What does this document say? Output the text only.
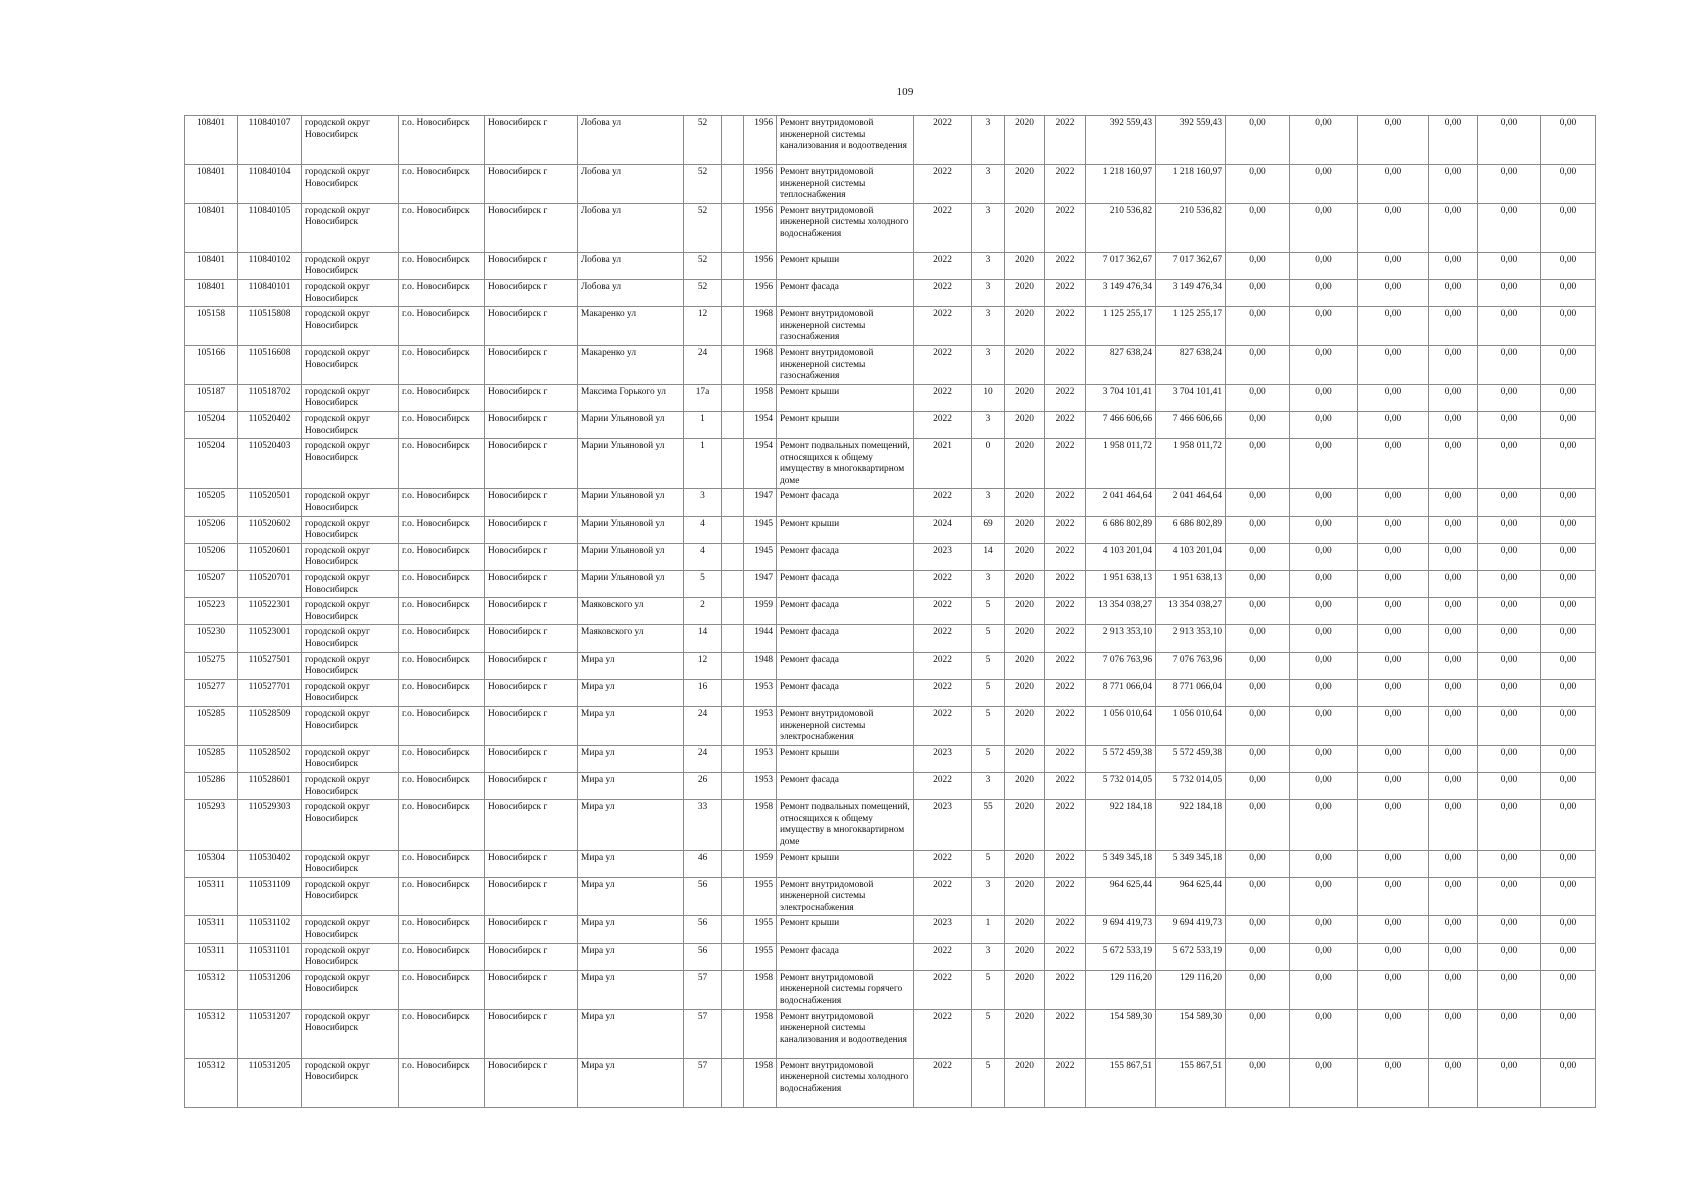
109
108401	110840107	городской округ Новосибирск	г.о. Новосибирск	Новосибирск г	Лобова ул	52		1956	Ремонт внутридомовой инженерной системы канализования и водоотведения	2022	3	2020	2022	392 559,43	392 559,43	0,00	0,00	0,00	0,00	0,00	0,00
108401	110840104	городской округ Новосибирск	г.о. Новосибирск	Новосибирск г	Лобова ул	52		1956	Ремонт внутридомовой инженерной системы теплоснабжения	2022	3	2020	2022	1 218 160,97	1 218 160,97	0,00	0,00	0,00	0,00	0,00	0,00
108401	110840105	городской округ Новосибирск	г.о. Новосибирск	Новосибирск г	Лобова ул	52		1956	Ремонт внутридомовой инженерной системы холодного водоснабжения	2022	3	2020	2022	210 536,82	210 536,82	0,00	0,00	0,00	0,00	0,00	0,00
108401	110840102	городской округ Новосибирск	г.о. Новосибирск	Новосибирск г	Лобова ул	52		1956	Ремонт крыши	2022	3	2020	2022	7 017 362,67	7 017 362,67	0,00	0,00	0,00	0,00	0,00	0,00
108401	110840101	городской округ Новосибирск	г.о. Новосибирск	Новосибирск г	Лобова ул	52		1956	Ремонт фасада	2022	3	2020	2022	3 149 476,34	3 149 476,34	0,00	0,00	0,00	0,00	0,00	0,00
105158	110515808	городской округ Новосибирск	г.о. Новосибирск	Новосибирск г	Макаренко ул	12		1968	Ремонт внутридомовой инженерной системы газоснабжения	2022	3	2020	2022	1 125 255,17	1 125 255,17	0,00	0,00	0,00	0,00	0,00	0,00
105166	110516608	городской округ Новосибирск	г.о. Новосибирск	Новосибирск г	Макаренко ул	24		1968	Ремонт внутридомовой инженерной системы газоснабжения	2022	3	2020	2022	827 638,24	827 638,24	0,00	0,00	0,00	0,00	0,00	0,00
105187	110518702	городской округ Новосибирск	г.о. Новосибирск	Новосибирск г	Максима Горького ул	17а		1958	Ремонт крыши	2022	10	2020	2022	3 704 101,41	3 704 101,41	0,00	0,00	0,00	0,00	0,00	0,00
105204	110520402	городской округ Новосибирск	г.о. Новосибирск	Новосибирск г	Марии Ульяновой ул	1		1954	Ремонт крыши	2022	3	2020	2022	7 466 606,66	7 466 606,66	0,00	0,00	0,00	0,00	0,00	0,00
105204	110520403	городской округ Новосибирск	г.о. Новосибирск	Новосибирск г	Марии Ульяновой ул	1		1954	Ремонт подвальных помещений, относящихся к общему имуществу в многоквартирном доме	2021	0	2020	2022	1 958 011,72	1 958 011,72	0,00	0,00	0,00	0,00	0,00	0,00
105205	110520501	городской округ Новосибирск	г.о. Новосибирск	Новосибирск г	Марии Ульяновой ул	3		1947	Ремонт фасада	2022	3	2020	2022	2 041 464,64	2 041 464,64	0,00	0,00	0,00	0,00	0,00	0,00
105206	110520602	городской округ Новосибирск	г.о. Новосибирск	Новосибирск г	Марии Ульяновой ул	4		1945	Ремонт крыши	2024	69	2020	2022	6 686 802,89	6 686 802,89	0,00	0,00	0,00	0,00	0,00	0,00
105206	110520601	городской округ Новосибирск	г.о. Новосибирск	Новосибирск г	Марии Ульяновой ул	4		1945	Ремонт фасада	2023	14	2020	2022	4 103 201,04	4 103 201,04	0,00	0,00	0,00	0,00	0,00	0,00
105207	110520701	городской округ Новосибирск	г.о. Новосибирск	Новосибирск г	Марии Ульяновой ул	5		1947	Ремонт фасада	2022	3	2020	2022	1 951 638,13	1 951 638,13	0,00	0,00	0,00	0,00	0,00	0,00
105223	110522301	городской округ Новосибирск	г.о. Новосибирск	Новосибирск г	Маяковского ул	2		1959	Ремонт фасада	2022	5	2020	2022	13 354 038,27	13 354 038,27	0,00	0,00	0,00	0,00	0,00	0,00
105230	110523001	городской округ Новосибирск	г.о. Новосибирск	Новосибирск г	Маяковского ул	14		1944	Ремонт фасада	2022	5	2020	2022	2 913 353,10	2 913 353,10	0,00	0,00	0,00	0,00	0,00	0,00
105275	110527501	городской округ Новосибирск	г.о. Новосибирск	Новосибирск г	Мира ул	12		1948	Ремонт фасада	2022	5	2020	2022	7 076 763,96	7 076 763,96	0,00	0,00	0,00	0,00	0,00	0,00
105277	110527701	городской округ Новосибирск	г.о. Новосибирск	Новосибирск г	Мира ул	16		1953	Ремонт фасада	2022	5	2020	2022	8 771 066,04	8 771 066,04	0,00	0,00	0,00	0,00	0,00	0,00
105285	110528509	городской округ Новосибирск	г.о. Новосибирск	Новосибирск г	Мира ул	24		1953	Ремонт внутридомовой инженерной системы электроснабжения	2022	5	2020	2022	1 056 010,64	1 056 010,64	0,00	0,00	0,00	0,00	0,00	0,00
105285	110528502	городской округ Новосибирск	г.о. Новосибирск	Новосибирск г	Мира ул	24		1953	Ремонт крыши	2023	5	2020	2022	5 572 459,38	5 572 459,38	0,00	0,00	0,00	0,00	0,00	0,00
105286	110528601	городской округ Новосибирск	г.о. Новосибирск	Новосибирск г	Мира ул	26		1953	Ремонт фасада	2022	3	2020	2022	5 732 014,05	5 732 014,05	0,00	0,00	0,00	0,00	0,00	0,00
105293	110529303	городской округ Новосибирск	г.о. Новосибирск	Новосибирск г	Мира ул	33		1958	Ремонт подвальных помещений, относящихся к общему имуществу в многоквартирном доме	2023	55	2020	2022	922 184,18	922 184,18	0,00	0,00	0,00	0,00	0,00	0,00
105304	110530402	городской округ Новосибирск	г.о. Новосибирск	Новосибирск г	Мира ул	46		1959	Ремонт крыши	2022	5	2020	2022	5 349 345,18	5 349 345,18	0,00	0,00	0,00	0,00	0,00	0,00
105311	110531109	городской округ Новосибирск	г.о. Новосибирск	Новосибирск г	Мира ул	56		1955	Ремонт внутридомовой инженерной системы электроснабжения	2022	3	2020	2022	964 625,44	964 625,44	0,00	0,00	0,00	0,00	0,00	0,00
105311	110531102	городской округ Новосибирск	г.о. Новосибирск	Новосибирск г	Мира ул	56		1955	Ремонт крыши	2023	1	2020	2022	9 694 419,73	9 694 419,73	0,00	0,00	0,00	0,00	0,00	0,00
105311	110531101	городской округ Новосибирск	г.о. Новосибирск	Новосибирск г	Мира ул	56		1955	Ремонт фасада	2022	3	2020	2022	5 672 533,19	5 672 533,19	0,00	0,00	0,00	0,00	0,00	0,00
105312	110531206	городской округ Новосибирск	г.о. Новосибирск	Новосибирск г	Мира ул	57		1958	Ремонт внутридомовой инженерной системы горячего водоснабжения	2022	5	2020	2022	129 116,20	129 116,20	0,00	0,00	0,00	0,00	0,00	0,00
105312	110531207	городской округ Новосибирск	г.о. Новосибирск	Новосибирск г	Мира ул	57		1958	Ремонт внутридомовой инженерной системы канализования и водоотведения	2022	5	2020	2022	154 589,30	154 589,30	0,00	0,00	0,00	0,00	0,00	0,00
105312	110531205	городской округ Новосибирск	г.о. Новосибирск	Новосибирск г	Мира ул	57		1958	Ремонт внутридомовой инженерной системы холодного водоснабжения	2022	5	2020	2022	155 867,51	155 867,51	0,00	0,00	0,00	0,00	0,00	0,00
